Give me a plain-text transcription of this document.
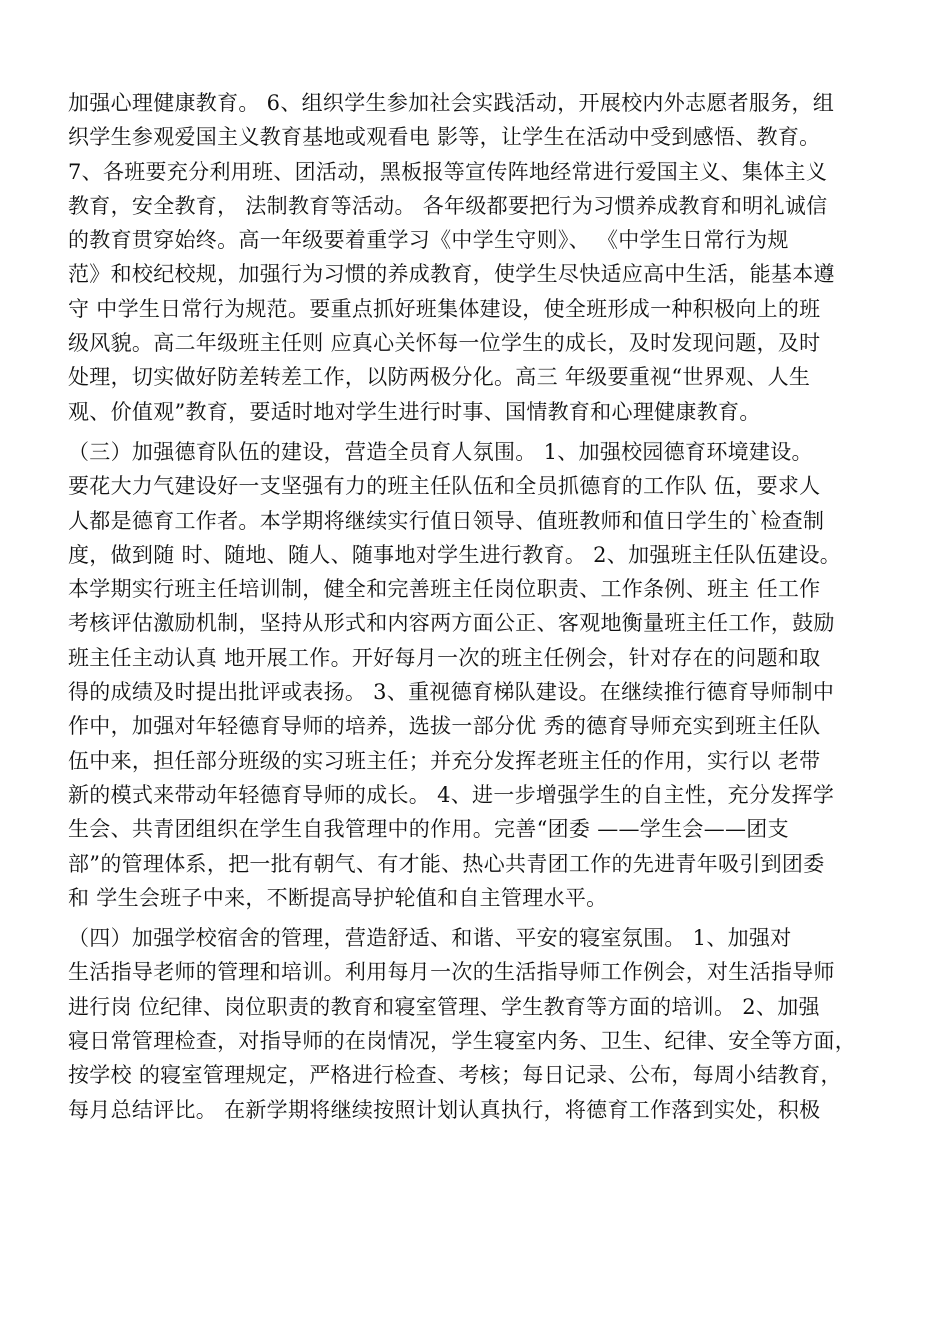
加强心理健康教育。 6、组织学生参加社会实践活动，开展校内外志愿者服务，组
织学生参观爱国主义教育基地或观看电 影等，让学生在活动中受到感悟、教育。
7、各班要充分利用班、团活动，黑板报等宣传阵地经常进行爱国主义、集体主义
教育，安全教育， 法制教育等活动。 各年级都要把行为习惯养成教育和明礼诚信
的教育贯穿始终。高一年级要着重学习《中学生守则》、 《中学生日常行为规
范》和校纪校规，加强行为习惯的养成教育，使学生尽快适应高中生活，能基本遵
守 中学生日常行为规范。要重点抓好班集体建设，使全班形成一种积极向上的班
级风貌。高二年级班主任则 应真心关怀每一位学生的成长，及时发现问题，及时
处理，切实做好防差转差工作，以防两极分化。高三 年级要重视“世界观、人生
观、价值观”教育，要适时地对学生进行时事、国情教育和心理健康教育。
（三）加强德育队伍的建设，营造全员育人氛围。 1、加强校园德育环境建设。
要花大力气建设好一支坚强有力的班主任队伍和全员抓德育的工作队 伍，要求人
人都是德育工作者。本学期将继续实行值日领导、值班教师和值日学生的`检查制
度，做到随 时、随地、随人、随事地对学生进行教育。 2、加强班主任队伍建设。
本学期实行班主任培训制，健全和完善班主任岗位职责、工作条例、班主 任工作
考核评估激励机制，坚持从形式和内容两方面公正、客观地衡量班主任工作，鼓励
班主任主动认真 地开展工作。开好每月一次的班主任例会，针对存在的问题和取
得的成绩及时提出批评或表扬。 3、重视德育梯队建设。在继续推行德育导师制中
作中，加强对年轻德育导师的培养，选拔一部分优 秀的德育导师充实到班主任队
伍中来，担任部分班级的实习班主任；并充分发挥老班主任的作用，实行以 老带
新的模式来带动年轻德育导师的成长。 4、进一步增强学生的自主性，充分发挥学
生会、共青团组织在学生自我管理中的作用。完善“团委 ——学生会——团支
部”的管理体系，把一批有朝气、有才能、热心共青团工作的先进青年吸引到团委
和 学生会班子中来，不断提高导护轮值和自主管理水平。
（四）加强学校宿舍的管理，营造舒适、和谐、平安的寝室氛围。 1、加强对
生活指导老师的管理和培训。利用每月一次的生活指导师工作例会，对生活指导师
进行岗 位纪律、岗位职责的教育和寝室管理、学生教育等方面的培训。 2、加强
寝日常管理检查，对指导师的在岗情况，学生寝室内务、卫生、纪律、安全等方面，
按学校 的寝室管理规定，严格进行检查、考核；每日记录、公布，每周小结教育，
每月总结评比。 在新学期将继续按照计划认真执行，将德育工作落到实处，积极
